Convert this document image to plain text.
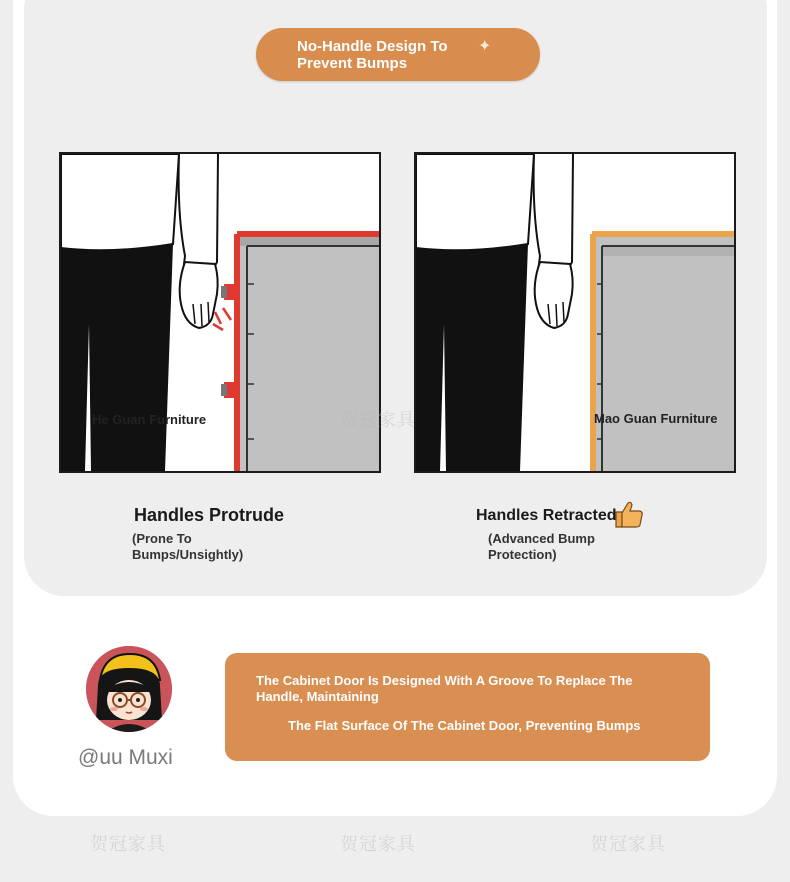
No-Handle Design To Prevent Bumps
✦
He Guan Furniture	Mao Guan Furniture
贺冠家具
贺冠家具	贺冠家具	贺冠家具
Handles Protrude
(Prone To Bumps/Unsightly)
Handles Retracted
(Advanced Bump Protection)
@uu Muxi
The Cabinet Door Is Designed With A Groove To Replace The Handle, Maintaining
The Flat Surface Of The Cabinet Door, Preventing Bumps
